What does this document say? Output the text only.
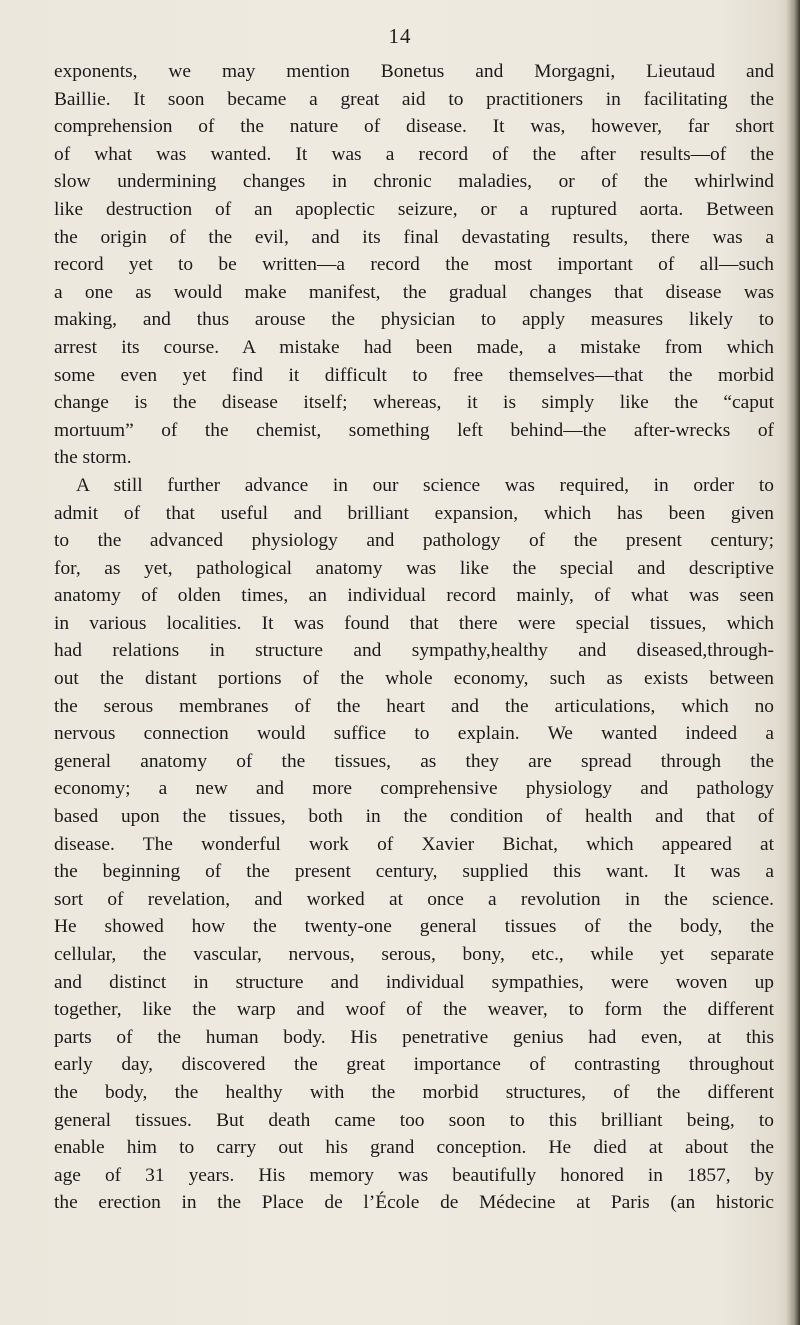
14
exponents, we may mention Bonetus and Morgagni, Lieutaud and
Baillie. It soon became a great aid to practitioners in facilitating the
comprehension of the nature of disease. It was, however, far short
of what was wanted. It was a record of the after results—of the
slow undermining changes in chronic maladies, or of the whirlwind
like destruction of an apoplectic seizure, or a ruptured aorta. Between
the origin of the evil, and its final devastating results, there was a
record yet to be written—a record the most important of all—such
a one as would make manifest, the gradual changes that disease was
making, and thus arouse the physician to apply measures likely to
arrest its course. A mistake had been made, a mistake from which
some even yet find it difficult to free themselves—that the morbid
change is the disease itself; whereas, it is simply like the “caput
mortuum” of the chemist, something left behind—the after-wrecks of
the storm.
A still further advance in our science was required, in order to
admit of that useful and brilliant expansion, which has been given
to the advanced physiology and pathology of the present century;
for, as yet, pathological anatomy was like the special and descriptive
anatomy of olden times, an individual record mainly, of what was seen
in various localities. It was found that there were special tissues, which
had relations in structure and sympathy,healthy and diseased,through-
out the distant portions of the whole economy, such as exists between
the serous membranes of the heart and the articulations, which no
nervous connection would suffice to explain. We wanted indeed a
general anatomy of the tissues, as they are spread through the
economy; a new and more comprehensive physiology and pathology
based upon the tissues, both in the condition of health and that of
disease. The wonderful work of Xavier Bichat, which appeared at
the beginning of the present century, supplied this want. It was a
sort of revelation, and worked at once a revolution in the science.
He showed how the twenty-one general tissues of the body, the
cellular, the vascular, nervous, serous, bony, etc., while yet separate
and distinct in structure and individual sympathies, were woven up
together, like the warp and woof of the weaver, to form the different
parts of the human body. His penetrative genius had even, at this
early day, discovered the great importance of contrasting throughout
the body, the healthy with the morbid structures, of the different
general tissues. But death came too soon to this brilliant being, to
enable him to carry out his grand conception. He died at about the
age of 31 years. His memory was beautifully honored in 1857, by
the erection in the Place de l’École de Médecine at Paris (an historic
